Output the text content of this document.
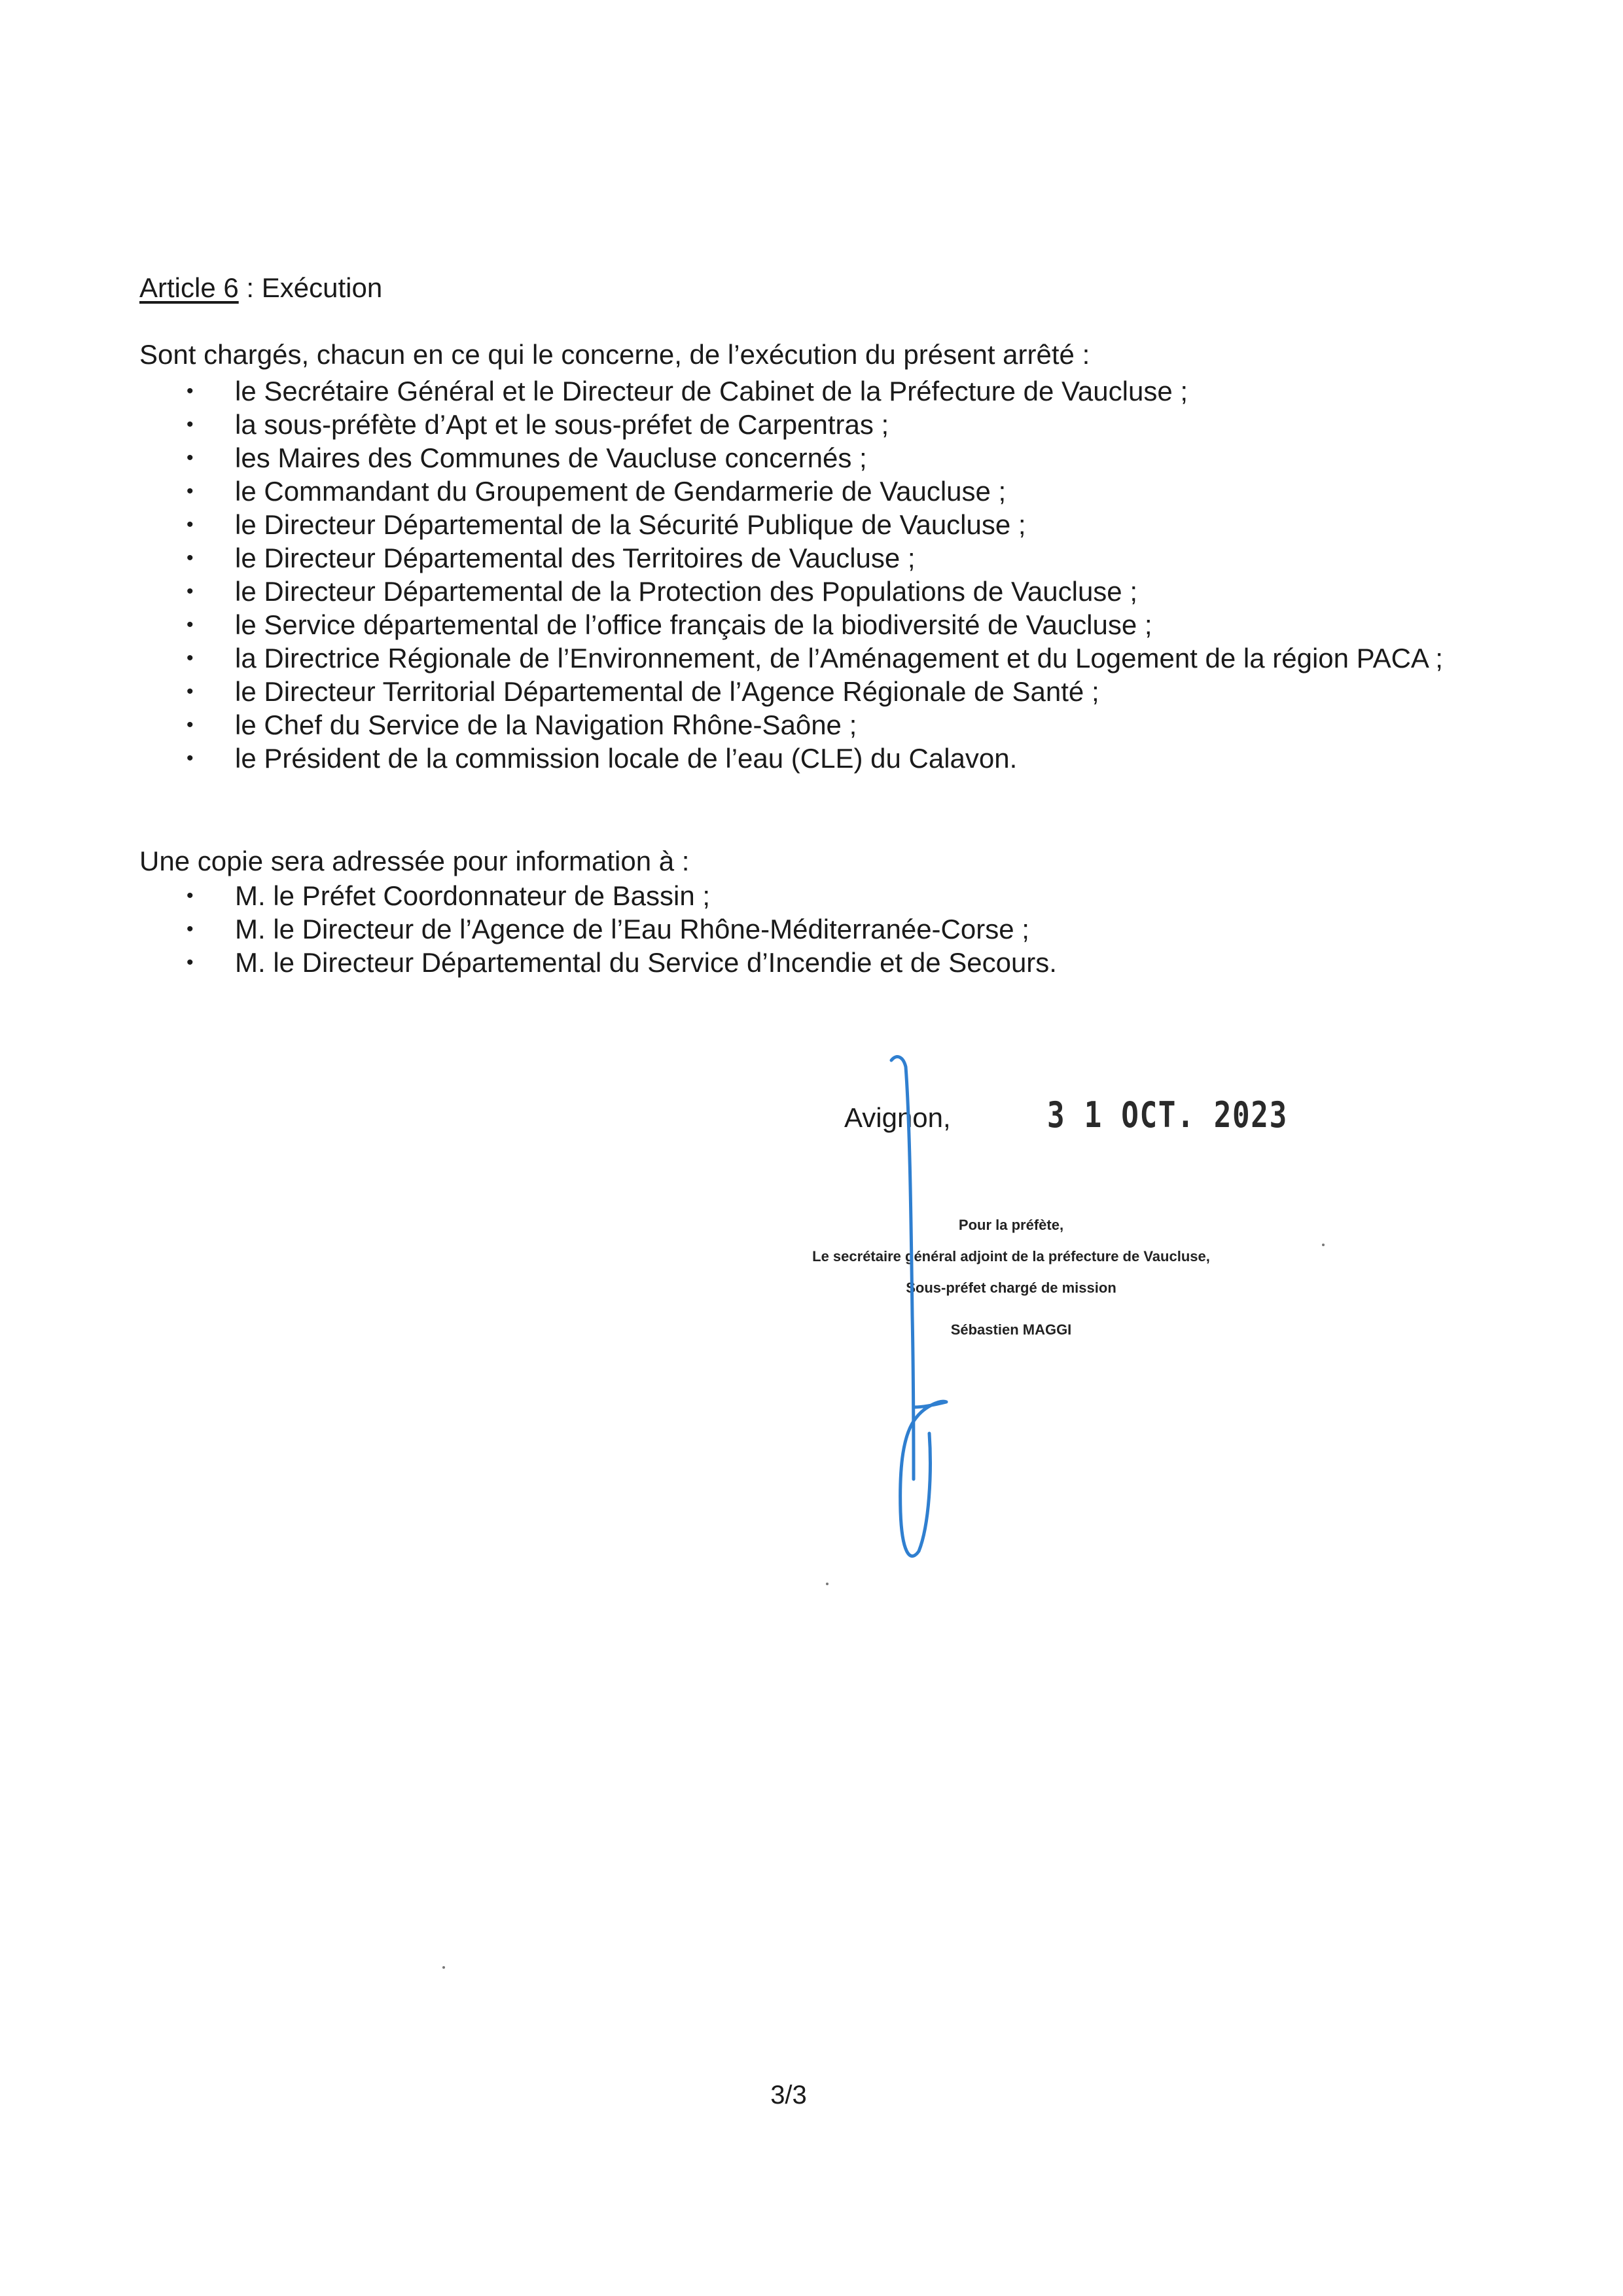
Article 6 : Exécution

Sont chargés, chacun en ce qui le concerne, de l’exécution du présent arrêté :

• le Secrétaire Général et le Directeur de Cabinet de la Préfecture de Vaucluse ;
• la sous-préfète d’Apt et le sous-préfet de Carpentras ;
• les Maires des Communes de Vaucluse concernés ;
• le Commandant du Groupement de Gendarmerie de Vaucluse ;
• le Directeur Départemental de la Sécurité Publique de Vaucluse ;
• le Directeur Départemental des Territoires de Vaucluse ;
• le Directeur Départemental de la Protection des Populations de Vaucluse ;
• le Service départemental de l’office français de la biodiversité de Vaucluse ;
• la Directrice Régionale de l’Environnement, de l’Aménagement et du Logement de la région PACA ;
• le Directeur Territorial Départemental de l’Agence Régionale de Santé ;
• le Chef du Service de la Navigation Rhône-Saône ;
• le Président de la commission locale de l’eau (CLE) du Calavon.

Une copie sera adressée pour information à :

• M. le Préfet Coordonnateur de Bassin ;
• M. le Directeur de l’Agence de l’Eau Rhône-Méditerranée-Corse ;
• M. le Directeur Départemental du Service d’Incendie et de Secours.
Avignon,	3 1 OCT. 2023
Pour la préfète,
Le secrétaire général adjoint de la préfecture de Vaucluse,
Sous-préfet chargé de mission
Sébastien MAGGI
3/3
